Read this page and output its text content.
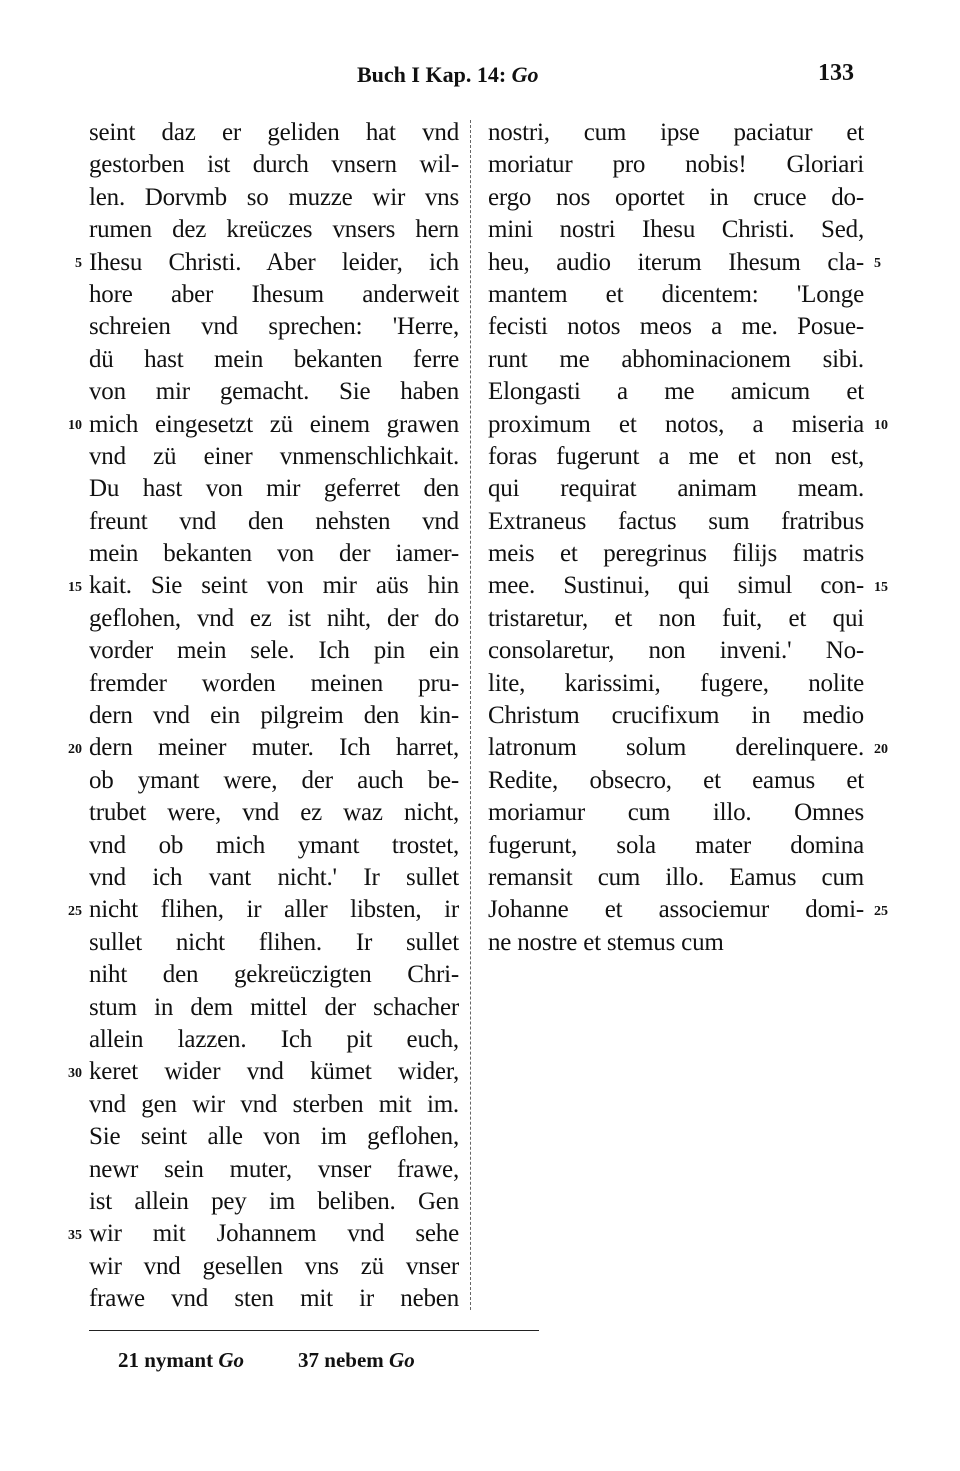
Buch I Kap. 14: Go	133
seint daz er geliden hat vnd
gestorben ist durch vnsern wil-
len. Dorvmb so muzze wir vns
rumen dez kreüczes vnsers hern
Ihesu Christi. Aber leider, ich
hore aber Ihesum anderweit
schreien vnd sprechen: 'Herre,
dü hast mein bekanten ferre
von mir gemacht. Sie haben
mich eingesetzt zü einem grawen
vnd zü einer vnmenschlichkait.
Du hast von mir geferret den
freunt vnd den nehsten vnd
mein bekanten von der iamer-
kait. Sie seint von mir aüs hin
geflohen, vnd ez ist niht, der do
vorder mein sele. Ich pin ein
fremder worden meinen pru-
dern vnd ein pilgreim den kin-
dern meiner muter. Ich harret,
ob ymant were, der auch be-
trubet were, vnd ez waz nicht,
vnd ob mich ymant trostet,
vnd ich vant nicht.' Ir sullet
nicht flihen, ir aller libsten, ir
sullet nicht flihen. Ir sullet
niht den gekreüczigten Chri-
stum in dem mittel der schacher
allein lazzen. Ich pit euch,
keret wider vnd kümet wider,
vnd gen wir vnd sterben mit im.
Sie seint alle von im geflohen,
newr sein muter, vnser frawe,
ist allein pey im beliben. Gen
wir mit Johannem vnd sehe
wir vnd gesellen vns zü vnser
frawe vnd sten mit ir neben
nostri, cum ipse paciatur et
moriatur pro nobis! Gloriari
ergo nos oportet in cruce do-
mini nostri Ihesu Christi. Sed,
heu, audio iterum Ihesum cla-
mantem et dicentem: 'Longe
fecisti notos meos a me. Posue-
runt me abhominacionem sibi.
Elongasti a me amicum et
proximum et notos, a miseria
foras fugerunt a me et non est,
qui requirat animam meam.
Extraneus factus sum fratribus
meis et peregrinus filijs matris
mee. Sustinui, qui simul con-
tristaretur, et non fuit, et qui
consolaretur, non inveni.' No-
lite, karissimi, fugere, nolite
Christum crucifixum in medio
latronum solum derelinquere.
Redite, obsecro, et eamus et
moriamur cum illo. Omnes
fugerunt, sola mater domina
remansit cum illo. Eamus cum
Johanne et associemur domi-
ne nostre et stemus cum
5
10
15
20
25
30
35
5
10
15
20
25
21 nymant Go	37 nebem Go
